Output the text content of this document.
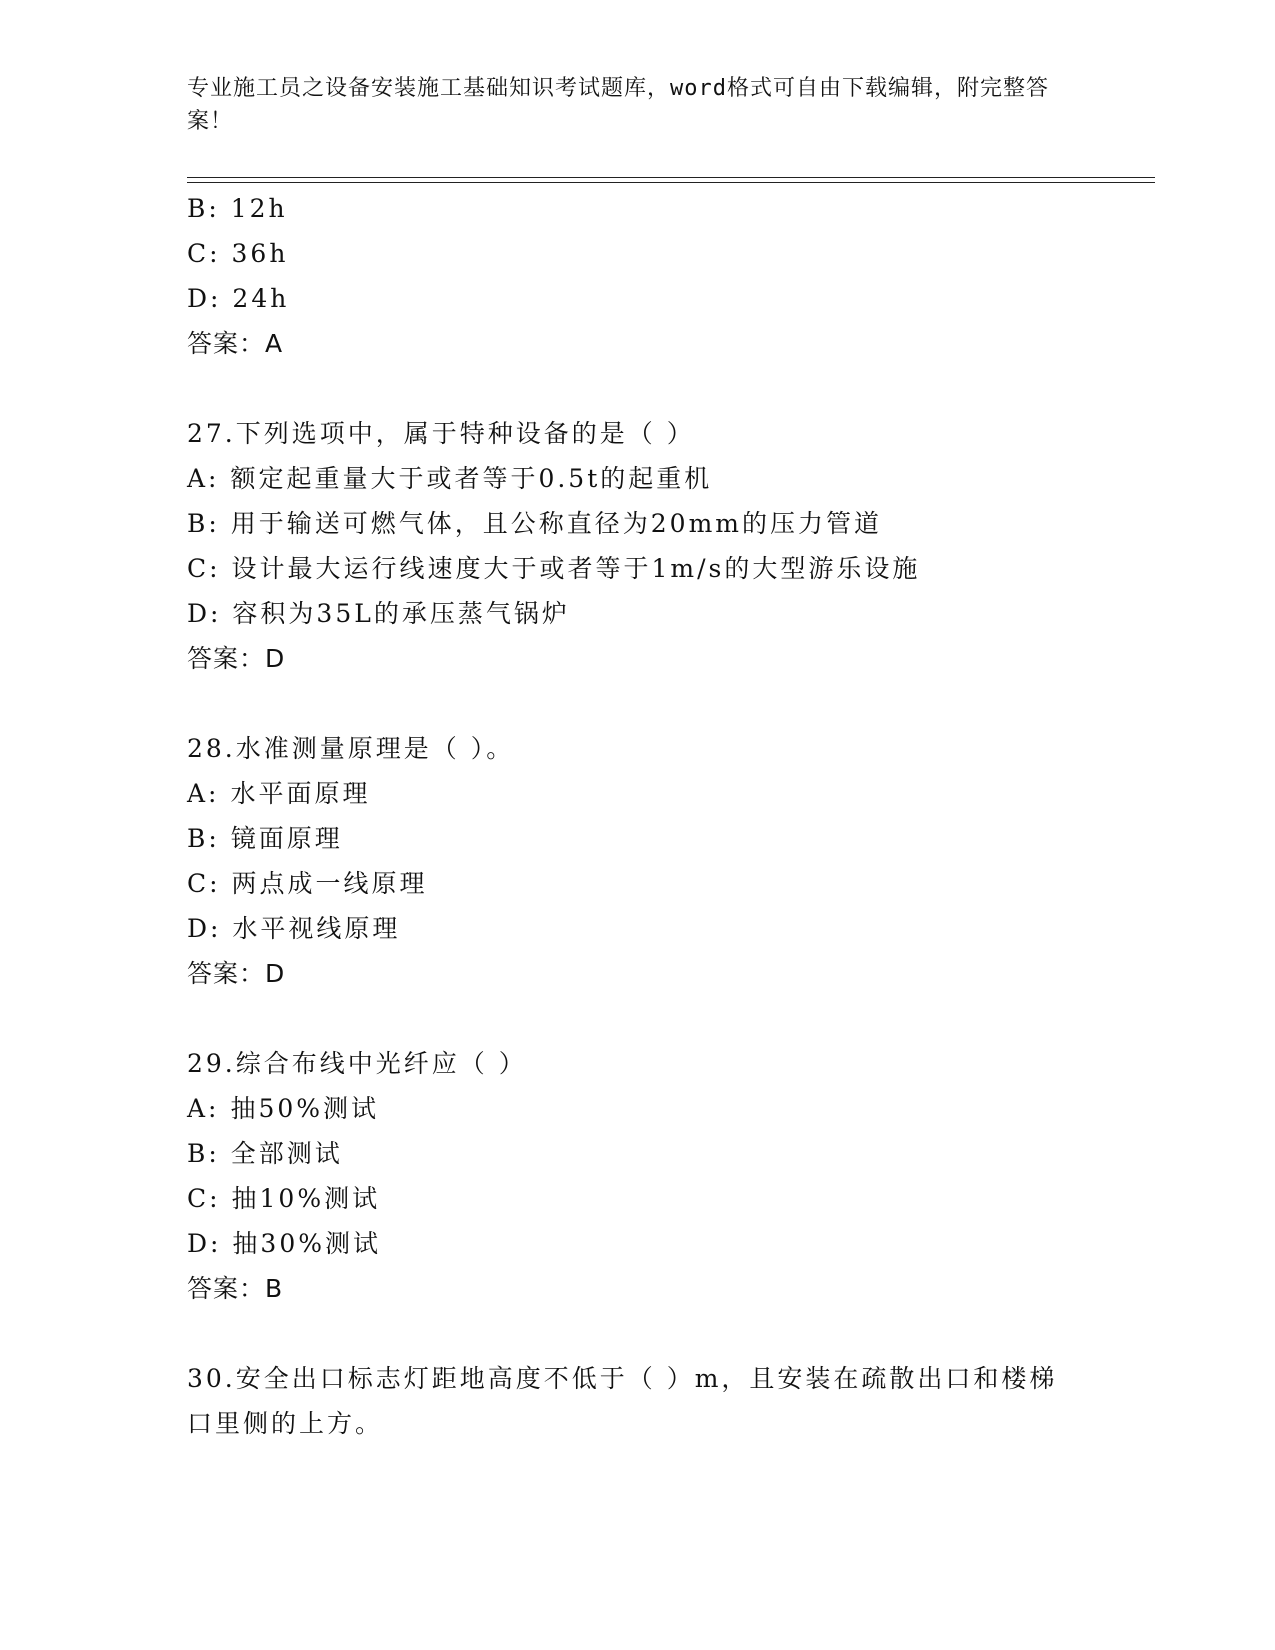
专业施工员之设备安装施工基础知识考试题库，word格式可自由下载编辑，附完整答案！
B: 12h
C: 36h
D: 24h
答案：A
27.下列选项中，属于特种设备的是（ ）
A: 额定起重量大于或者等于0.5t的起重机
B: 用于输送可燃气体，且公称直径为20mm的压力管道
C: 设计最大运行线速度大于或者等于1m/s的大型游乐设施
D: 容积为35L的承压蒸气锅炉
答案：D
28.水准测量原理是（ ）。
A: 水平面原理
B: 镜面原理
C: 两点成一线原理
D: 水平视线原理
答案：D
29.综合布线中光纤应（ ）
A: 抽50%测试
B: 全部测试
C: 抽10%测试
D: 抽30%测试
答案：B
30.安全出口标志灯距地高度不低于（ ）m，且安装在疏散出口和楼梯
口里侧的上方。
